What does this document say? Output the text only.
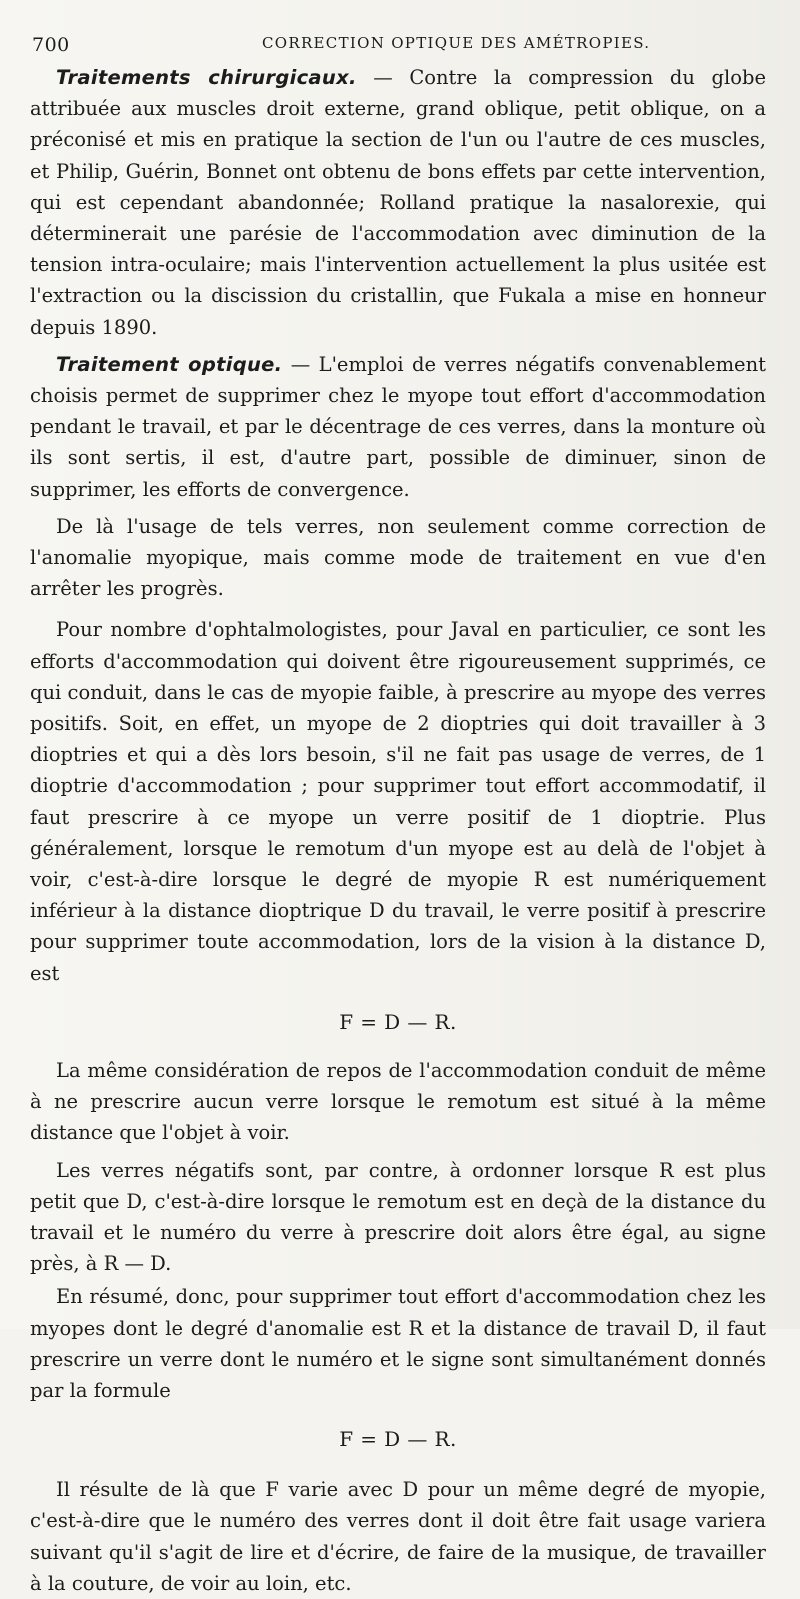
700	CORRECTION OPTIQUE DES AMÉTROPIES.

Traitements chirurgicaux. — Contre la compression du globe attribuée aux muscles droit externe, grand oblique, petit oblique, on a préconisé et mis en pratique la section de l'un ou l'autre de ces muscles, et Philip, Guérin, Bonnet ont obtenu de bons effets par cette intervention, qui est cependant abandonnée; Rolland pratique la nasalorexie, qui déterminerait une parésie de l'accommodation avec diminution de la tension intra-oculaire; mais l'intervention actuellement la plus usitée est l'extraction ou la discission du cristallin, que Fukala a mise en honneur depuis 1890.

Traitement optique. — L'emploi de verres négatifs convenablement choisis permet de supprimer chez le myope tout effort d'accommodation pendant le travail, et par le décentrage de ces verres, dans la monture où ils sont sertis, il est, d'autre part, possible de diminuer, sinon de supprimer, les efforts de convergence.

De là l'usage de tels verres, non seulement comme correction de l'anomalie myopique, mais comme mode de traitement en vue d'en arrêter les progrès.

Pour nombre d'ophtalmologistes, pour Javal en particulier, ce sont les efforts d'accommodation qui doivent être rigoureusement supprimés, ce qui conduit, dans le cas de myopie faible, à prescrire au myope des verres positifs. Soit, en effet, un myope de 2 dioptries qui doit travailler à 3 dioptries et qui a dès lors besoin, s'il ne fait pas usage de verres, de 1 dioptrie d'accommodation ; pour supprimer tout effort accommodatif, il faut prescrire à ce myope un verre positif de 1 dioptrie. Plus généralement, lorsque le remotum d'un myope est au delà de l'objet à voir, c'est-à-dire lorsque le degré de myopie R est numériquement inférieur à la distance dioptrique D du travail, le verre positif à prescrire pour supprimer toute accommodation, lors de la vision à la distance D, est

F = D — R.

La même considération de repos de l'accommodation conduit de même à ne prescrire aucun verre lorsque le remotum est situé à la même distance que l'objet à voir.

Les verres négatifs sont, par contre, à ordonner lorsque R est plus petit que D, c'est-à-dire lorsque le remotum est en deçà de la distance du travail et le numéro du verre à prescrire doit alors être égal, au signe près, à R — D.

En résumé, donc, pour supprimer tout effort d'accommodation chez les myopes dont le degré d'anomalie est R et la distance de travail D, il faut prescrire un verre dont le numéro et le signe sont simultanément donnés par la formule

F = D — R.

Il résulte de là que F varie avec D pour un même degré de myopie, c'est-à-dire que le numéro des verres dont il doit être fait usage variera suivant qu'il s'agit de lire et d'écrire, de faire de la musique, de travailler à la couture, de voir au loin, etc.
